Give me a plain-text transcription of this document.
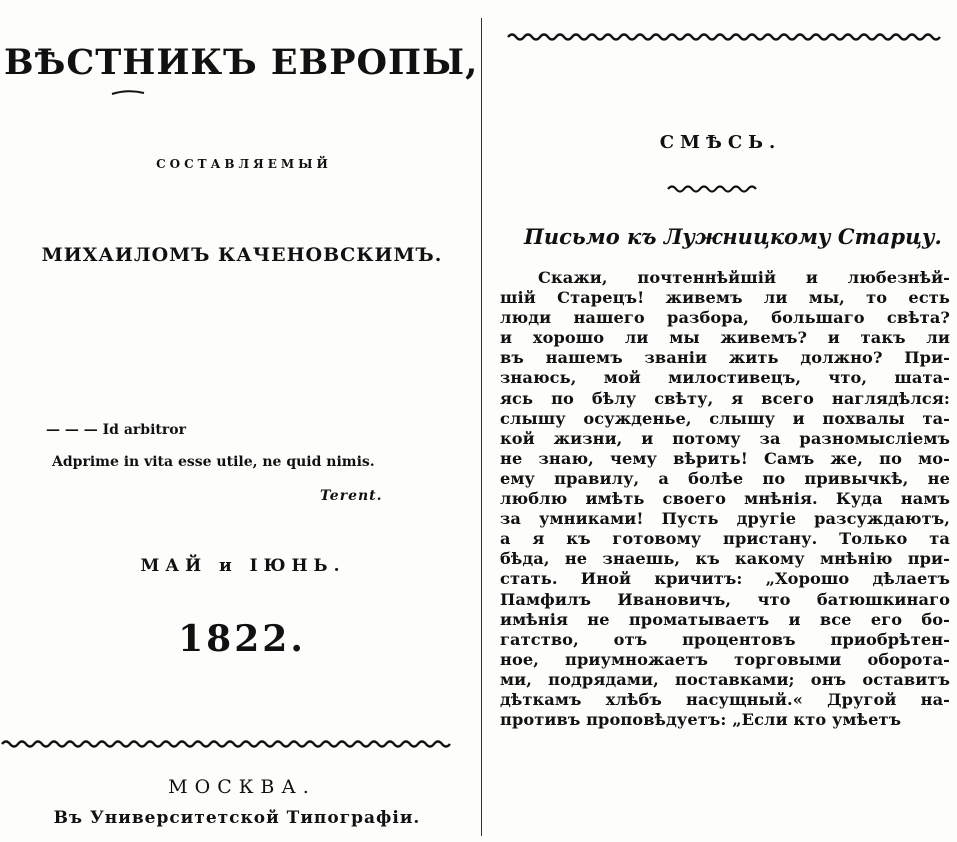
ВѢСТНИКЪ ЕВРОПЫ,
СОСТАВЛЯЕМЫЙ
МИХАИЛОМЪ КАЧЕНОВСКИМЪ.
— — — Id arbitror
Adprime in vita esse utile, ne quid nimis.
Terent.
МАЙ и ІЮНЬ.
1822.
МОСКВА.
Въ Университетской Типографіи.
СМѢСЬ.
Письмо къ Лужницкому Старцу.
Скажи, почтеннѣйшій и любезнѣй-
шій Старецъ! живемъ ли мы, то есть
люди нашего разбора, большаго свѣта?
и хорошо ли мы живемъ? и такъ ли
въ нашемъ званіи жить должно? При-
знаюсь, мой милостивецъ, что, шата-
ясь по бѣлу свѣту, я всего наглядѣлся:
слышу осужденье, слышу и похвалы та-
кой жизни, и потому за разномысліемъ
не знаю, чему вѣрить! Самъ же, по мо-
ему правилу, а болѣе по привычкѣ, не
люблю имѣть своего мнѣнія. Куда намъ
за умниками! Пусть другіе разсуждаютъ,
а я къ готовому пристану. Только та
бѣда, не знаешь, къ какому мнѣнію при-
стать. Иной кричитъ: „Хорошо дѣлаетъ
Памфилъ Ивановичъ, что батюшкинаго
имѣнія не проматываетъ и все его бо-
гатство, отъ процентовъ приобрѣтен-
ное, приумножаетъ торговыми оборота-
ми, подрядами, поставками; онъ оставитъ
дѣткамъ хлѣбъ насущный.« Другой на-
противъ проповѣдуетъ: „Если кто умѣетъ
